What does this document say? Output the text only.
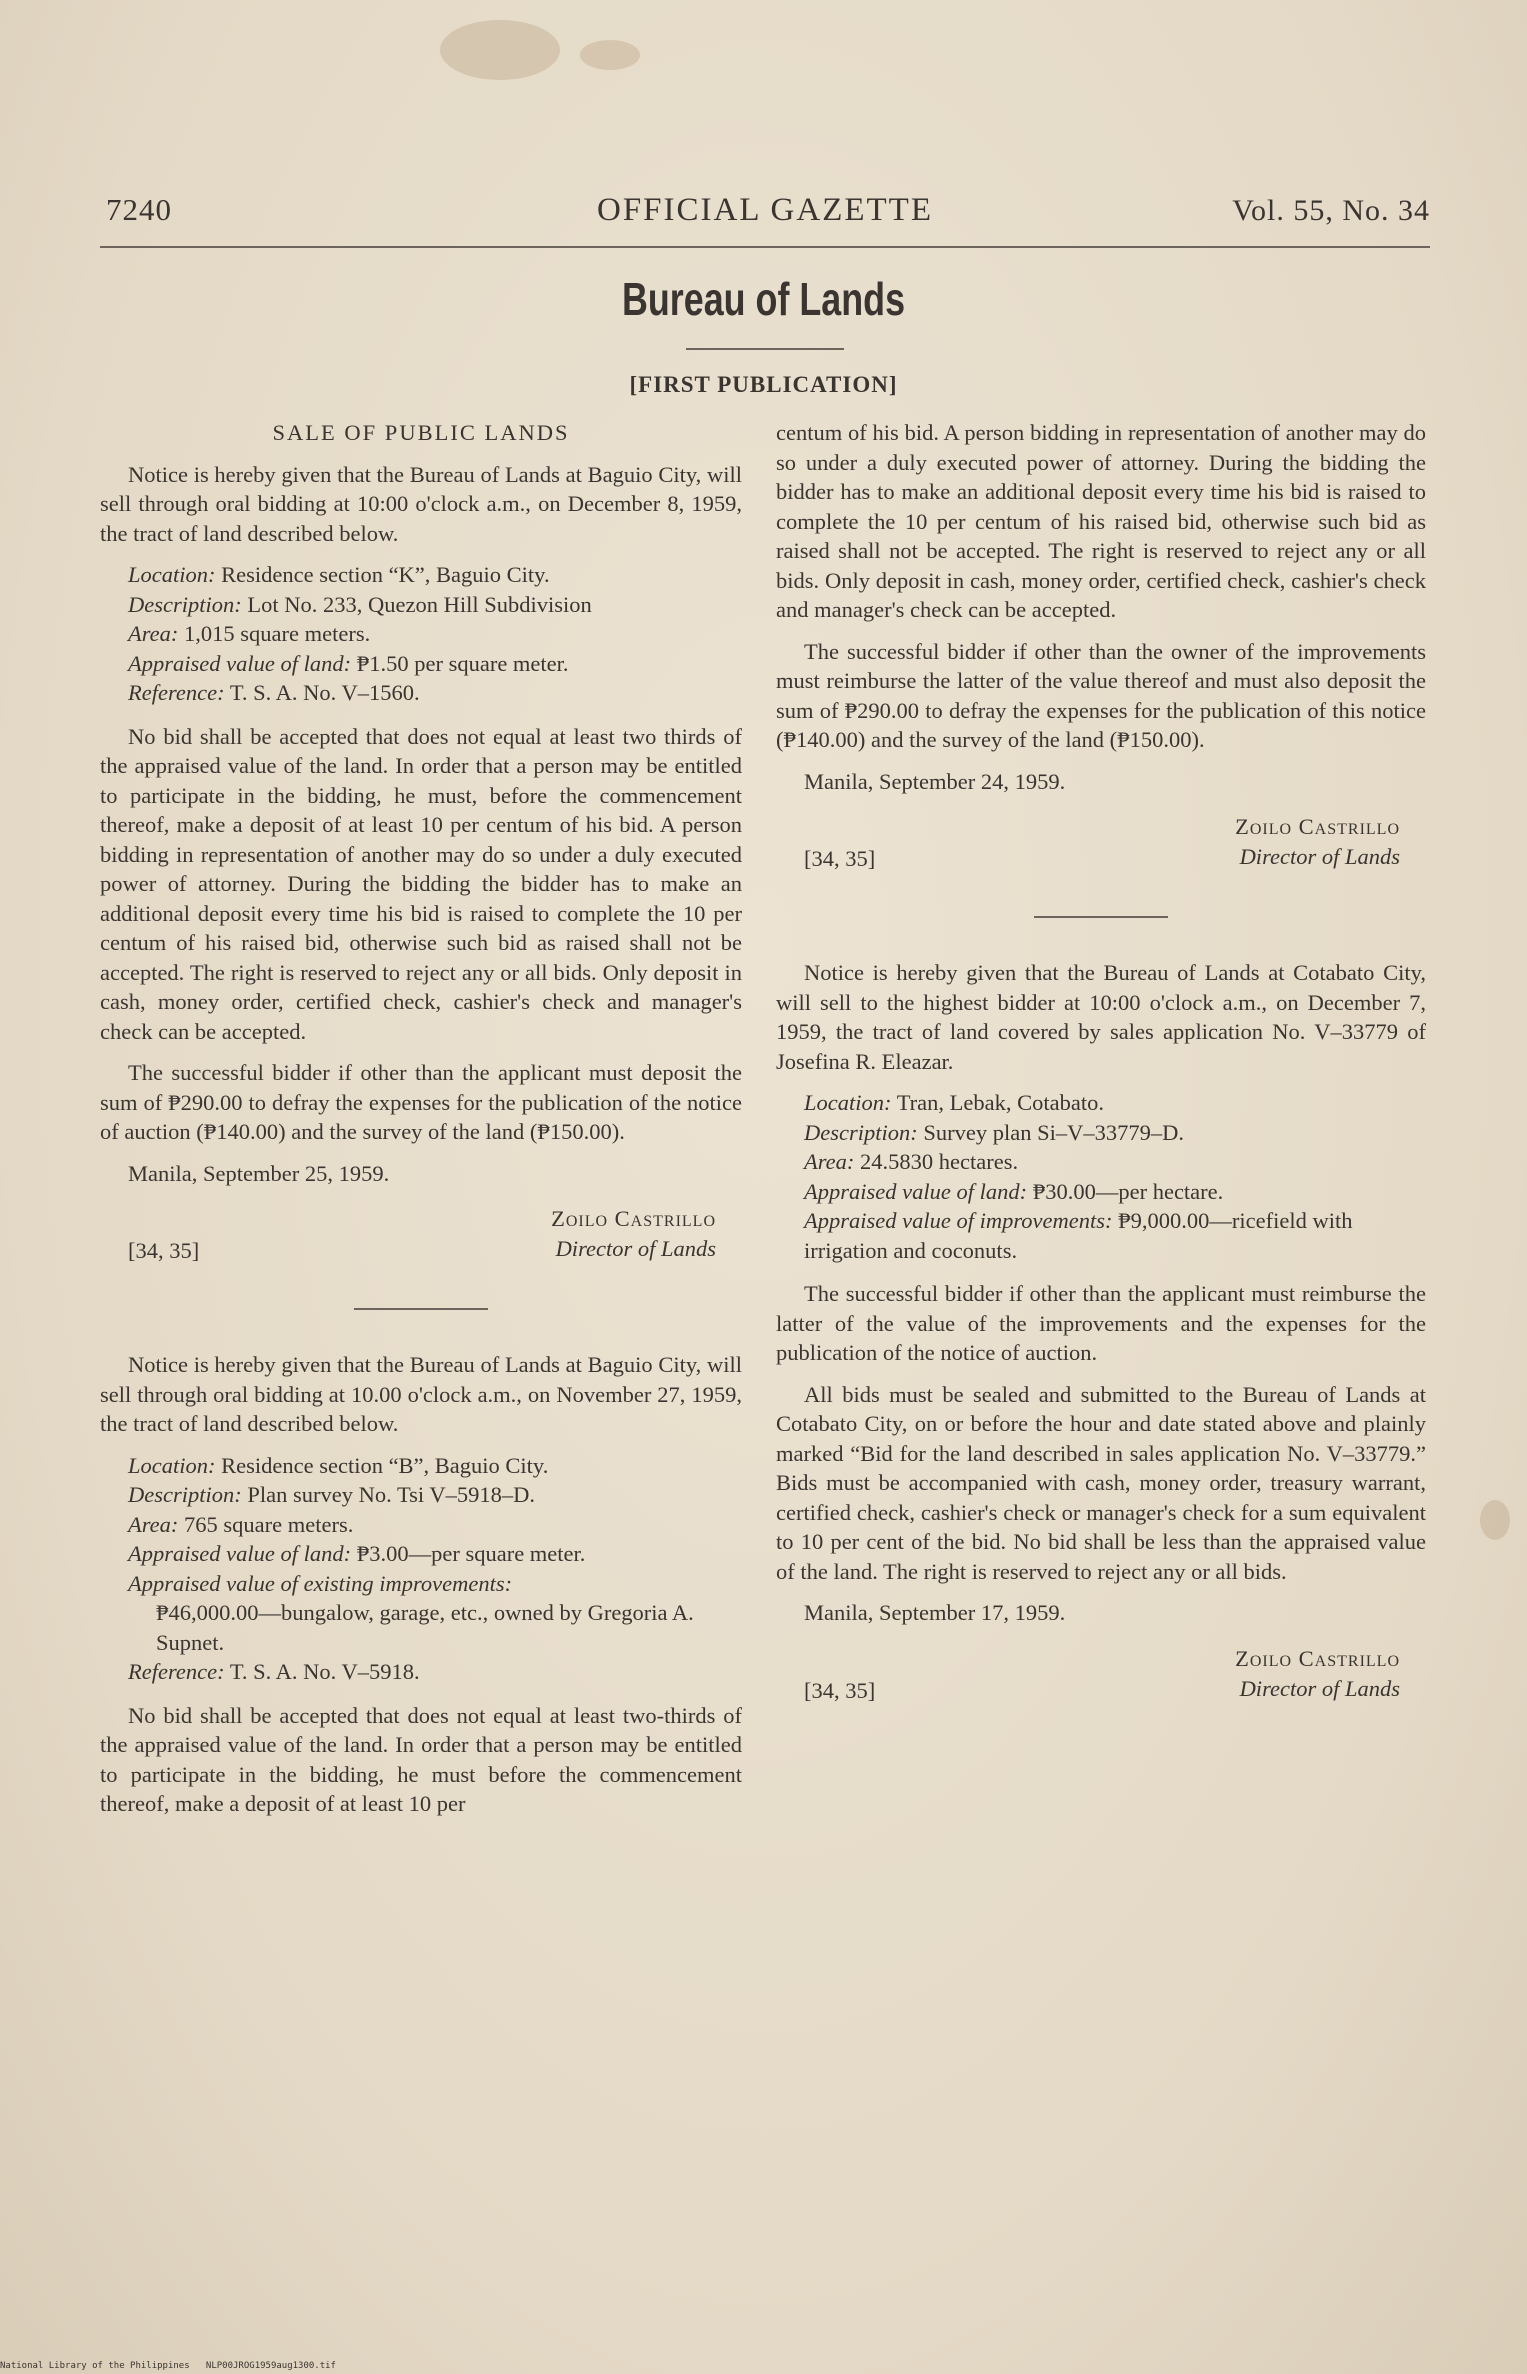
7240	OFFICIAL GAZETTE	Vol. 55, No. 34
Bureau of Lands
[FIRST PUBLICATION]

SALE OF PUBLIC LANDS

Notice is hereby given that the Bureau of Lands at Baguio City, will sell through oral bidding at 10:00 o'clock a.m., on December 8, 1959, the tract of land described below.

Location: Residence section “K”, Baguio City.
Description: Lot No. 233, Quezon Hill Subdivision
Area: 1,015 square meters.
Appraised value of land: ₱1.50 per square meter.
Reference: T. S. A. No. V–1560.

No bid shall be accepted that does not equal at least two thirds of the appraised value of the land. In order that a person may be entitled to participate in the bidding, he must, before the commencement thereof, make a deposit of at least 10 per centum of his bid. A person bidding in representation of another may do so under a duly executed power of attorney. During the bidding the bidder has to make an additional deposit every time his bid is raised to complete the 10 per centum of his raised bid, otherwise such bid as raised shall not be accepted. The right is reserved to reject any or all bids. Only deposit in cash, money order, certified check, cashier's check and manager's check can be accepted.

The successful bidder if other than the applicant must deposit the sum of ₱290.00 to defray the expenses for the publication of the notice of auction (₱140.00) and the survey of the land (₱150.00).

Manila, September 25, 1959.

[34, 35]
Zoilo Castrillo
Director of Lands

Notice is hereby given that the Bureau of Lands at Baguio City, will sell through oral bidding at 10.00 o'clock a.m., on November 27, 1959, the tract of land described below.

Location: Residence section “B”, Baguio City.
Description: Plan survey No. Tsi V–5918–D.
Area: 765 square meters.
Appraised value of land: ₱3.00—per square meter.
Appraised value of existing improvements:
₱46,000.00—bungalow, garage, etc., owned by Gregoria A. Supnet.
Reference: T. S. A. No. V–5918.

No bid shall be accepted that does not equal at least two-thirds of the appraised value of the land. In order that a person may be entitled to participate in the bidding, he must before the commencement thereof, make a deposit of at least 10 per

centum of his bid. A person bidding in representation of another may do so under a duly executed power of attorney. During the bidding the bidder has to make an additional deposit every time his bid is raised to complete the 10 per centum of his raised bid, otherwise such bid as raised shall not be accepted. The right is reserved to reject any or all bids. Only deposit in cash, money order, certified check, cashier's check and manager's check can be accepted.

The successful bidder if other than the owner of the improvements must reimburse the latter of the value thereof and must also deposit the sum of ₱290.00 to defray the expenses for the publication of this notice (₱140.00) and the survey of the land (₱150.00).

Manila, September 24, 1959.

[34, 35]
Zoilo Castrillo
Director of Lands

Notice is hereby given that the Bureau of Lands at Cotabato City, will sell to the highest bidder at 10:00 o'clock a.m., on December 7, 1959, the tract of land covered by sales application No. V–33779 of Josefina R. Eleazar.

Location: Tran, Lebak, Cotabato.
Description: Survey plan Si–V–33779–D.
Area: 24.5830 hectares.
Appraised value of land: ₱30.00—per hectare.
Appraised value of improvements: ₱9,000.00—ricefield with irrigation and coconuts.

The successful bidder if other than the applicant must reimburse the latter of the value of the improvements and the expenses for the publication of the notice of auction.

All bids must be sealed and submitted to the Bureau of Lands at Cotabato City, on or before the hour and date stated above and plainly marked “Bid for the land described in sales application No. V–33779.” Bids must be accompanied with cash, money order, treasury warrant, certified check, cashier's check or manager's check for a sum equivalent to 10 per cent of the bid. No bid shall be less than the appraised value of the land. The right is reserved to reject any or all bids.

Manila, September 17, 1959.

[34, 35]
Zoilo Castrillo
Director of Lands
National Library of the Philippines NLP00JROG1959aug1300.tif
